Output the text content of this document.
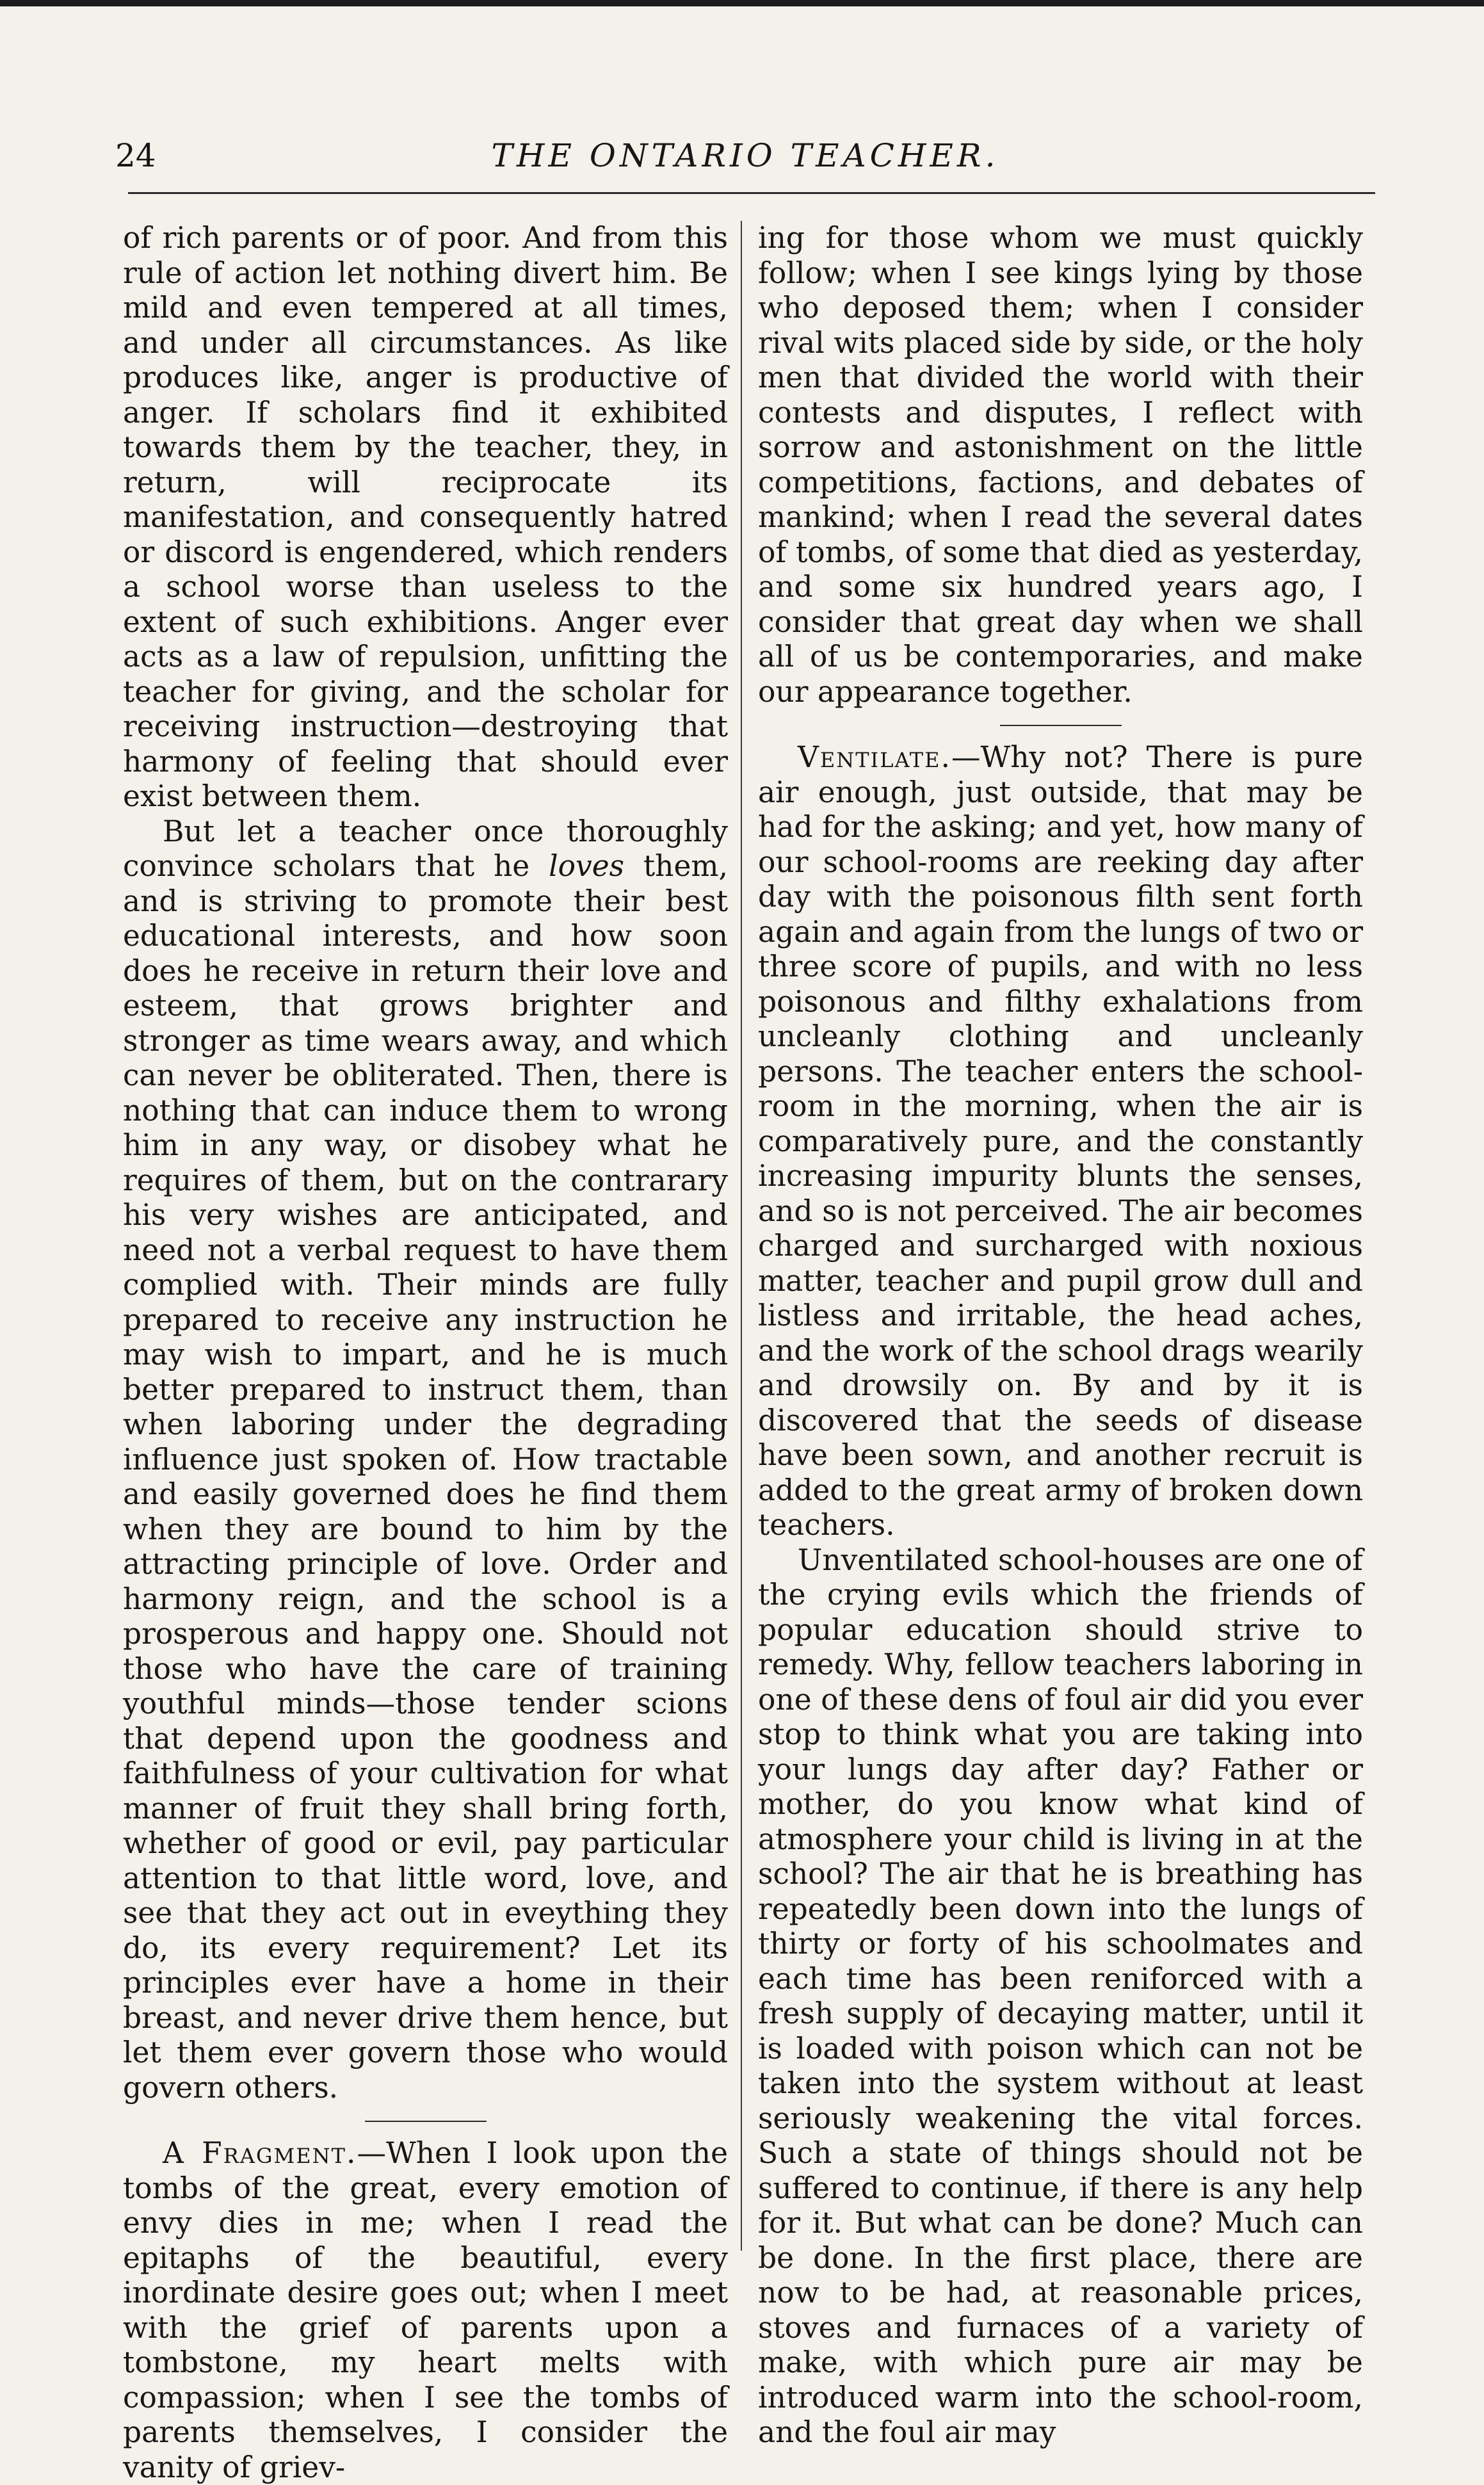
24	THE ONTARIO TEACHER.

of rich parents or of poor. And from this rule of action let nothing divert him. Be mild and even tempered at all times, and under all circumstances. As like produces like, anger is productive of anger. If scholars find it exhibited towards them by the teacher, they, in return, will reciprocate its manifestation, and consequently hatred or discord is engendered, which renders a school worse than useless to the extent of such exhibitions. Anger ever acts as a law of repulsion, unfitting the teacher for giving, and the scholar for receiving instruction—destroying that harmony of feeling that should ever exist between them.

But let a teacher once thoroughly convince scholars that he loves them, and is striving to promote their best educational interests, and how soon does he receive in return their love and esteem, that grows brighter and stronger as time wears away, and which can never be obliterated. Then, there is nothing that can induce them to wrong him in any way, or disobey what he requires of them, but on the contrarary his very wishes are anticipated, and need not a verbal request to have them complied with. Their minds are fully prepared to receive any instruction he may wish to impart, and he is much better prepared to instruct them, than when laboring under the degrading influence just spoken of. How tractable and easily governed does he find them when they are bound to him by the attracting principle of love. Order and harmony reign, and the school is a prosperous and happy one. Should not those who have the care of training youthful minds—those tender scions that depend upon the goodness and faithfulness of your cultivation for what manner of fruit they shall bring forth, whether of good or evil, pay particular attention to that little word, love, and see that they act out in eveything they do, its every requirement? Let its principles ever have a home in their breast, and never drive them hence, but let them ever govern those who would govern others.

A Fragment.—When I look upon the tombs of the great, every emotion of envy dies in me; when I read the epitaphs of the beautiful, every inordinate desire goes out; when I meet with the grief of parents upon a tombstone, my heart melts with compassion; when I see the tombs of parents themselves, I consider the vanity of griev-

ing for those whom we must quickly follow; when I see kings lying by those who deposed them; when I consider rival wits placed side by side, or the holy men that divided the world with their contests and disputes, I reflect with sorrow and astonishment on the little competitions, factions, and debates of mankind; when I read the several dates of tombs, of some that died as yesterday, and some six hundred years ago, I consider that great day when we shall all of us be contemporaries, and make our appearance together.

Ventilate.—Why not? There is pure air enough, just outside, that may be had for the asking; and yet, how many of our school-rooms are reeking day after day with the poisonous filth sent forth again and again from the lungs of two or three score of pupils, and with no less poisonous and filthy exhalations from uncleanly clothing and uncleanly persons. The teacher enters the school-room in the morning, when the air is comparatively pure, and the constantly increasing impurity blunts the senses, and so is not perceived. The air becomes charged and surcharged with noxious matter, teacher and pupil grow dull and listless and irritable, the head aches, and the work of the school drags wearily and drowsily on. By and by it is discovered that the seeds of disease have been sown, and another recruit is added to the great army of broken down teachers.

Unventilated school-houses are one of the crying evils which the friends of popular education should strive to remedy. Why, fellow teachers laboring in one of these dens of foul air did you ever stop to think what you are taking into your lungs day after day? Father or mother, do you know what kind of atmosphere your child is living in at the school? The air that he is breathing has repeatedly been down into the lungs of thirty or forty of his schoolmates and each time has been reniforced with a fresh supply of decaying matter, until it is loaded with poison which can not be taken into the system without at least seriously weakening the vital forces. Such a state of things should not be suffered to continue, if there is any help for it. But what can be done? Much can be done. In the first place, there are now to be had, at reasonable prices, stoves and furnaces of a variety of make, with which pure air may be introduced warm into the school-room, and the foul air may
